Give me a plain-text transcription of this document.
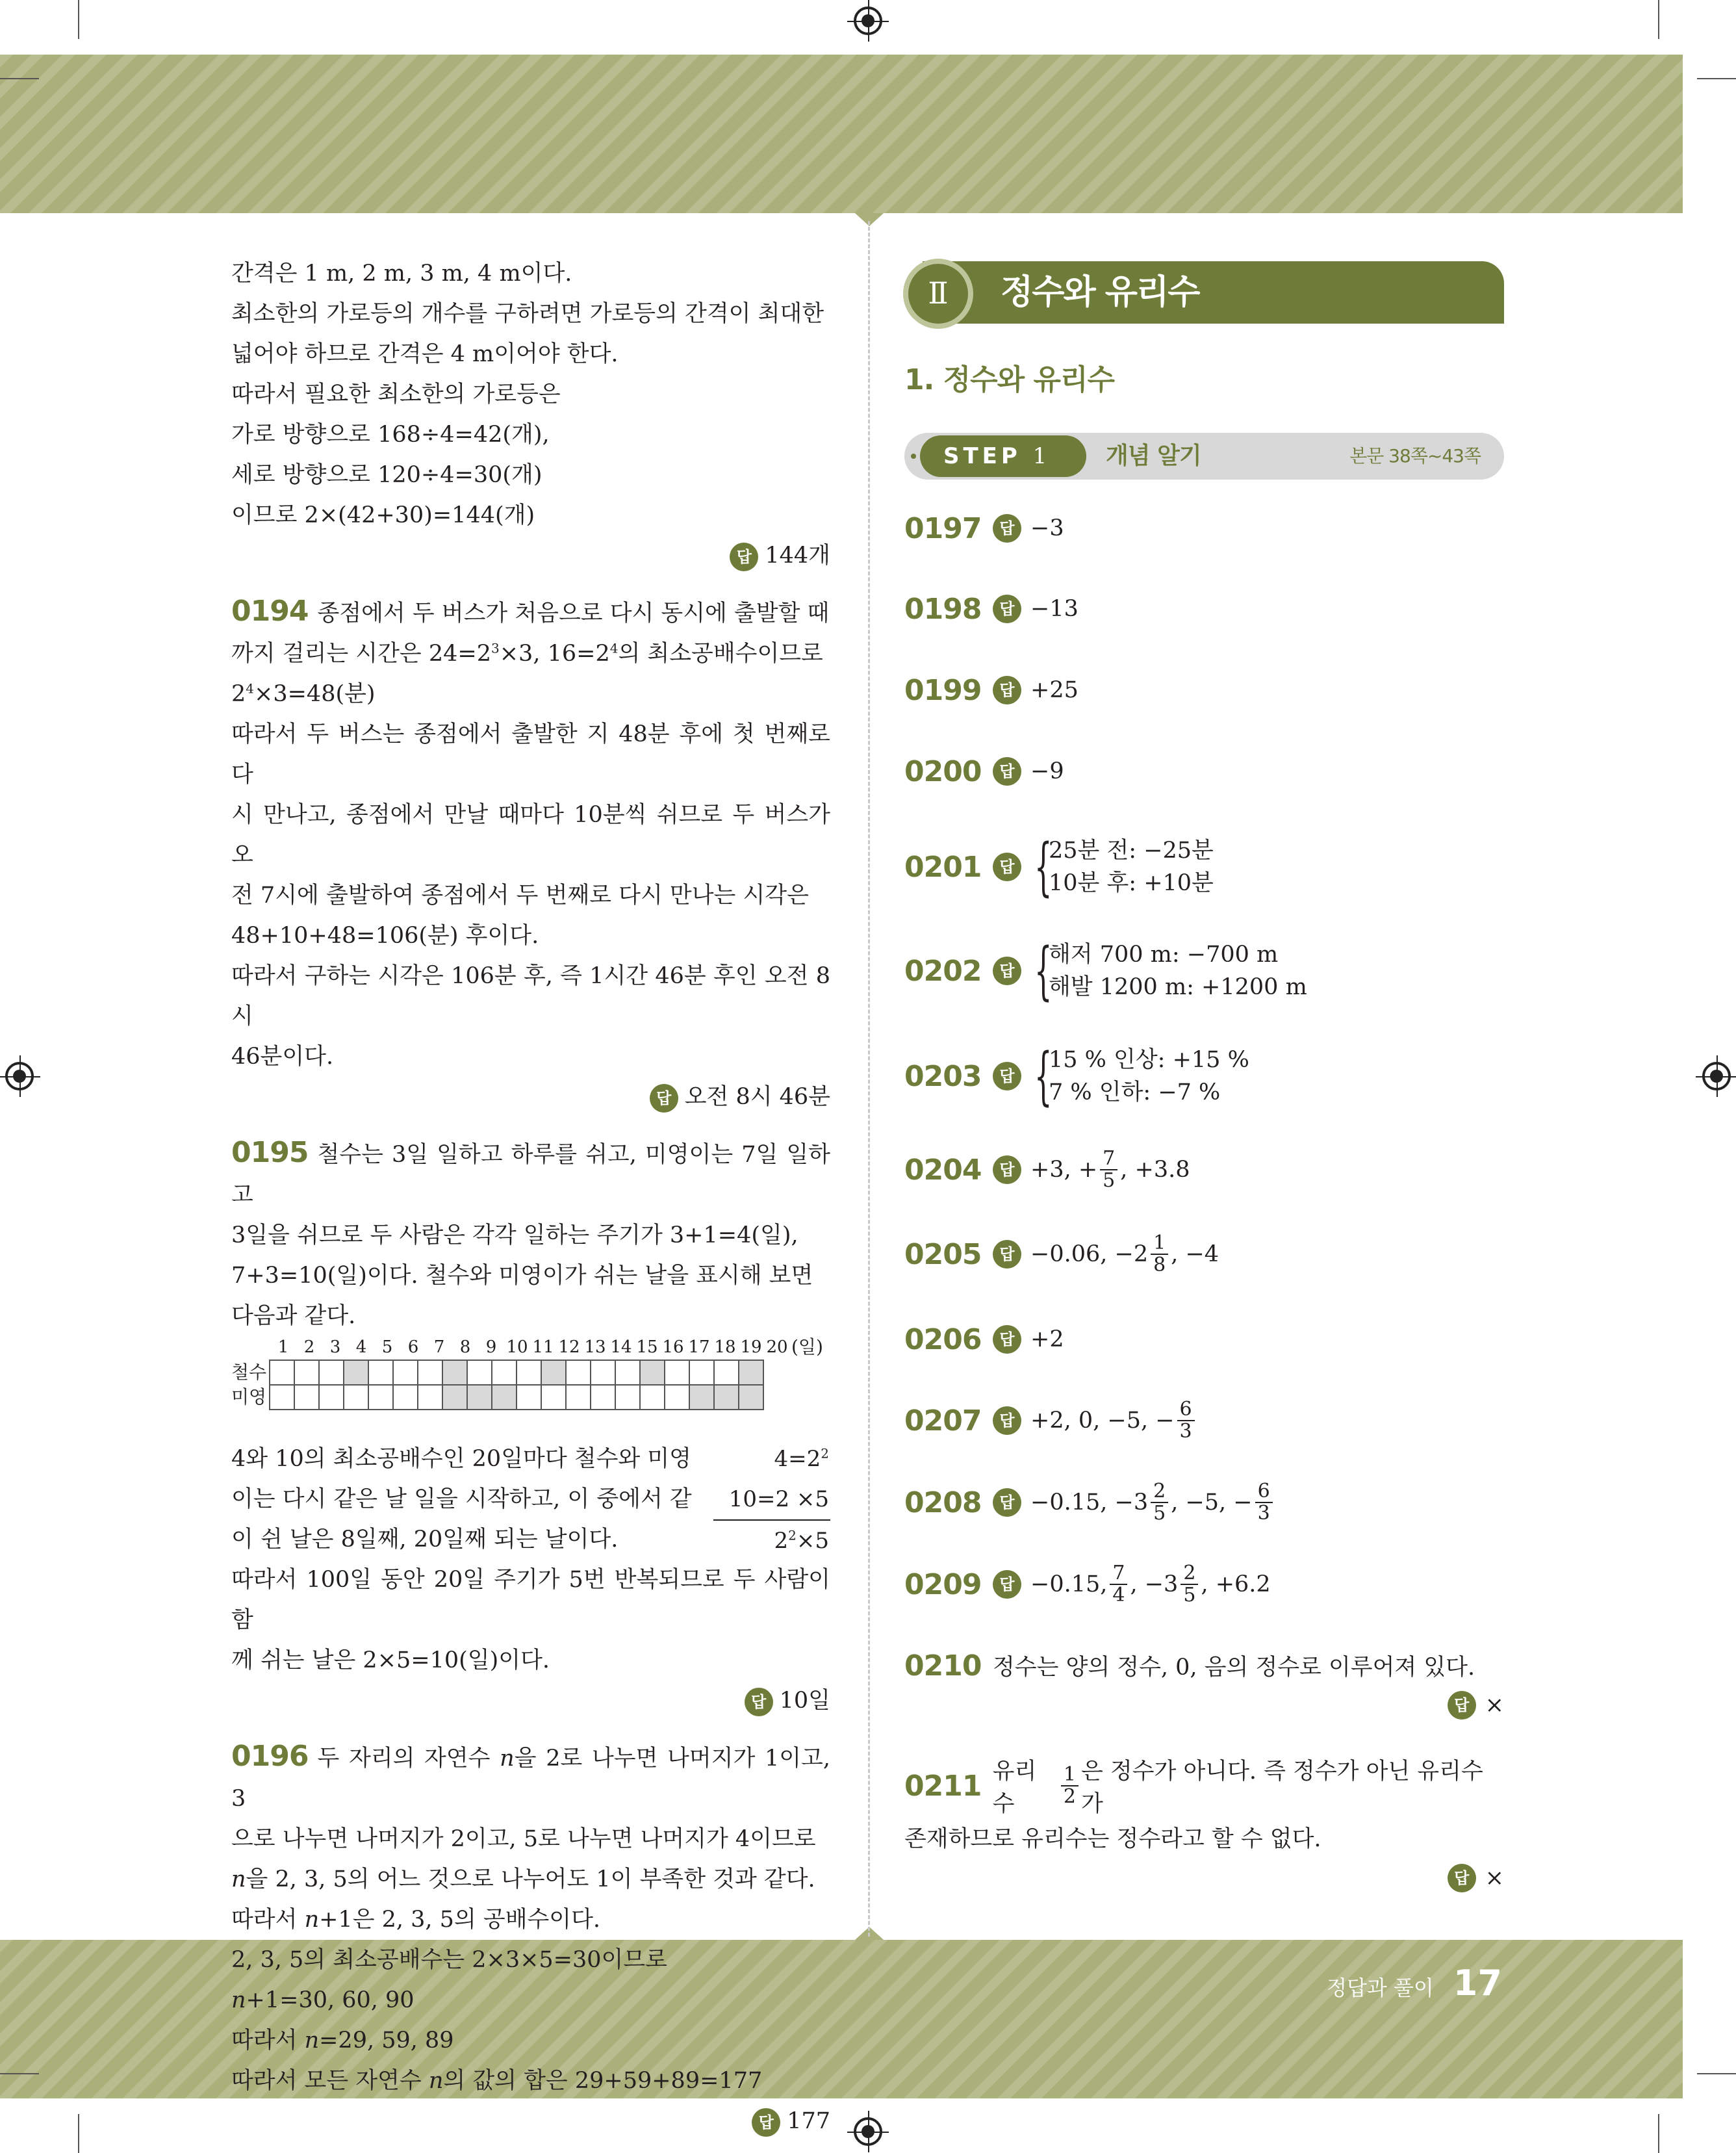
간격은 1 m, 2 m, 3 m, 4 m이다.

최소한의 가로등의 개수를 구하려면 가로등의 간격이 최대한

넓어야 하므로 간격은 4 m이어야 한다.

따라서 필요한 최소한의 가로등은

가로 방향으로 168÷4=42(개),

세로 방향으로 120÷4=30(개)

이므로 2×(42+30)=144(개)

답 144개

0194 종점에서 두 버스가 처음으로 다시 동시에 출발할 때

까지 걸리는 시간은 $24=2^3\times 3$, $16=2^4$의 최소공배수이므로

$2^4\times 3=48$(분)

따라서 두 버스는 종점에서 출발한 지 48분 후에 첫 번째로 다

시 만나고, 종점에서 만날 때마다 10분씩 쉬므로 두 버스가 오

전 7시에 출발하여 종점에서 두 번째로 다시 만나는 시각은

48+10+48=106(분) 후이다.

따라서 구하는 시각은 106분 후, 즉 1시간 46분 후인 오전 8시

46분이다.

답 오전 8시 46분

0195 철수는 3일 일하고 하루를 쉬고, 미영이는 7일 일하고

3일을 쉬므로 두 사람은 각각 일하는 주기가 3+1=4(일),

7+3=10(일)이다. 철수와 미영이가 쉬는 날을 표시해 보면

다음과 같다.

1 2 3 4 5 6 7 8 9 10 11 12 13 14 15 16 17 18 19 20 (일)
철수
미영

4와 10의 최소공배수인 20일마다 철수와 미영

이는 다시 같은 날 일을 시작하고, 이 중에서 같

이 쉰 날은 8일째, 20일째 되는 날이다.

$4=2^2$
10=2 ×5
$2^2\times 5$

따라서 100일 동안 20일 주기가 5번 반복되므로 두 사람이 함

께 쉬는 날은 2×5=10(일)이다.

답 10일

0196 두 자리의 자연수 n을 2로 나누면 나머지가 1이고, 3

으로 나누면 나머지가 2이고, 5로 나누면 나머지가 4이므로

n을 2, 3, 5의 어느 것으로 나누어도 1이 부족한 것과 같다.

따라서 n+1은 2, 3, 5의 공배수이다.

2, 3, 5의 최소공배수는 2×3×5=30이므로

n+1=30, 60, 90

따라서 n=29, 59, 89

따라서 모든 자연수 n의 값의 합은 29+59+89=177

답 177

Ⅱ	정수와 유리수
1. 정수와 유리수
STEP 1	개념 알기	본문 38쪽~43쪽
0197	답 −3
0198	답 −13
0199	답 +25
0200	답 −9
0201	답 {
25분 전: −25분
10분 후: +10분
0202	답 {
해저 700 m: −700 m
해발 1200 m: +1200 m
0203	답 {
15 % 인상: +15 %
7 % 인하: −7 %
0204	답 +3, + $\frac{7}{5}$ , +3.8
0205	답 −0.06, $-2 \frac{1}{8}$ , −4
0206	답 +2
0207	답 +2, 0, −5, − $\frac{6}{3}$
0208	답 −0.15, $-3 \frac{2}{5}$ , −5, − $\frac{6}{3}$
0209	답 −0.15, $\frac{7}{4}$ , $-3 \frac{2}{5}$ , +6.2
0210 정수는 양의 정수, 0, 음의 정수로 이루어져 있다.
답 ×
0211 유리수	$\frac{1}{2}$ 은 정수가 아니다. 즉 정수가 아닌 유리수가
존재하므로 유리수는 정수라고 할 수 없다.
답 ×
정답과 풀이 17
